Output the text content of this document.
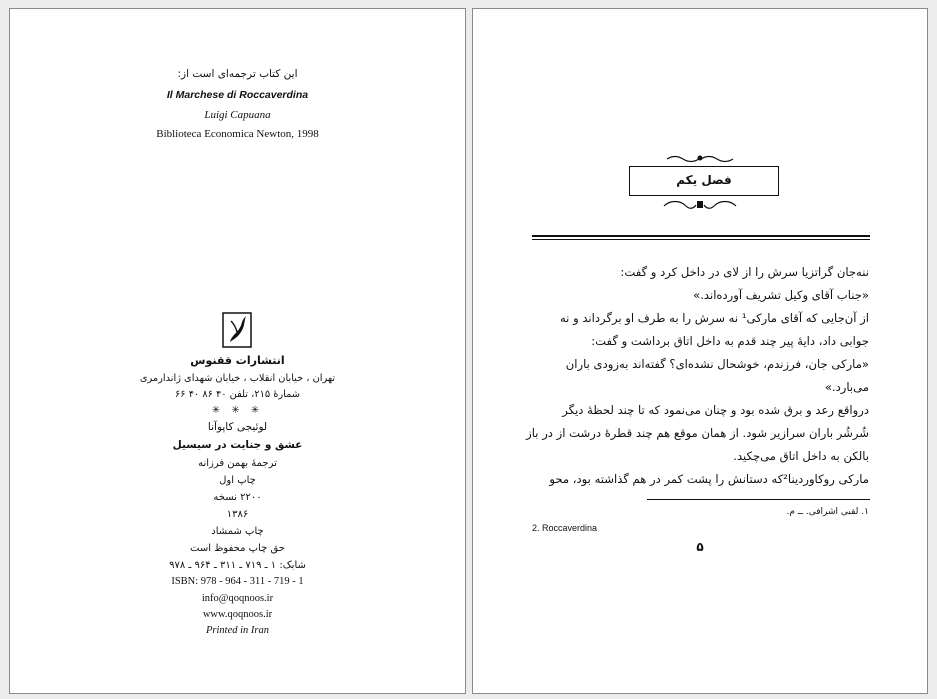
این کتاب ترجمه‌ای است از:
Il Marchese di Roccaverdina
Luigi Capuana
Biblioteca Economica Newton, 1998
انتشارات ققنوس
تهران ، خیابان انقلاب ، خیابان شهدای ژاندارمری
شمارهٔ ۲۱۵، تلفن ۴۰ ۸۶ ۴۰ ۶۶
✳ ✳ ✳
لوئیجی کاپوآنا
عشق و جنایت در سیسیل
ترجمهٔ بهمن فرزانه
چاپ اول
۲۲۰۰ نسخه
۱۳۸۶
چاپ شمشاد
حق چاپ محفوظ است
شابک: ۱ ـ ۷۱۹ ـ ۳۱۱ ـ ۹۶۴ ـ ۹۷۸
ISBN: 978 - 964 - 311 - 719 - 1
info@qoqnoos.ir
www.qoqnoos.ir
Printed in Iran
فصل یکم
ننه‌جان گراتزیا سرش را از لای در داخل کرد و گفت:
«جناب آقای وکیل تشریف آورده‌اند.»
از آن‌جایی که آقای مارکی¹ نه سرش را به طرف او برگرداند و نه
جوابی داد، دایهٔ پیر چند قدم به داخل اتاق برداشت و گفت:
«مارکی جان، فرزندم، خوشحال نشده‌ای؟ گفته‌اند به‌زودی باران
می‌بارد.»
درواقع رعد و برق شده بود و چنان می‌نمود که تا چند لحظهٔ دیگر
شُرشُر باران سرازیر شود. از همان موقع هم چند قطرهٔ درشت از در باز
بالکن به داخل اتاق می‌چکید.
مارکی روکاوردینا²که دستانش را پشت کمر در هم گذاشته بود، محو
۱. لقبی اشرافی. ــ م.
2. Roccaverdina
۵
